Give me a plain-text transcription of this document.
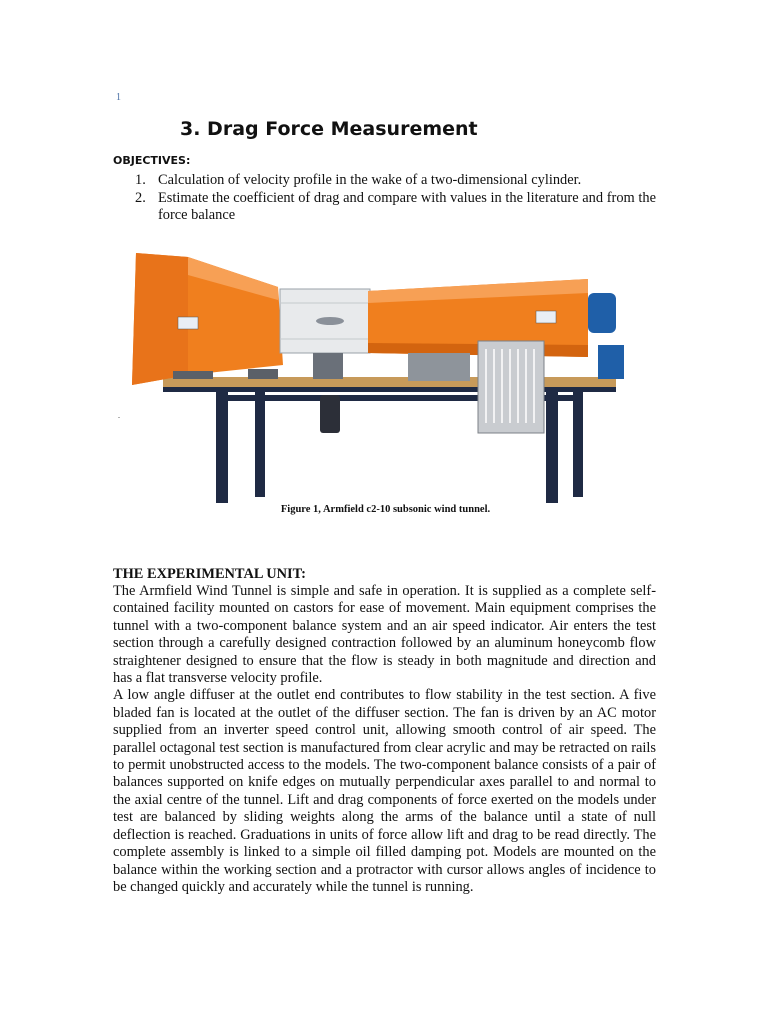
1
3. Drag Force Measurement
OBJECTIVES:
1. Calculation of velocity profile in the wake of a two-dimensional cylinder.
2. Estimate the coefficient of drag and compare with values in the literature and from the force balance
.
Figure 1, Armfield c2-10 subsonic wind tunnel.
THE EXPERIMENTAL UNIT:

The Armfield Wind Tunnel is simple and safe in operation. It is supplied as a complete self-contained facility mounted on castors for ease of movement. Main equipment comprises the tunnel with a two-component balance system and an air speed indicator. Air enters the test section through a carefully designed contraction followed by an aluminum honeycomb flow straightener designed to ensure that the flow is steady in both magnitude and direction and has a flat transverse velocity profile.

A low angle diffuser at the outlet end contributes to flow stability in the test section. A five bladed fan is located at the outlet of the diffuser section. The fan is driven by an AC motor supplied from an inverter speed control unit, allowing smooth control of air speed. The parallel octagonal test section is manufactured from clear acrylic and may be retracted on rails to permit unobstructed access to the models. The two-component balance consists of a pair of balances supported on knife edges on mutually perpendicular axes parallel to and normal to the axial centre of the tunnel. Lift and drag components of force exerted on the models under test are balanced by sliding weights along the arms of the balance until a state of null deflection is reached. Graduations in units of force allow lift and drag to be read directly. The complete assembly is linked to a simple oil filled damping pot. Models are mounted on the balance within the working section and a protractor with cursor allows angles of incidence to be changed quickly and accurately while the tunnel is running.
